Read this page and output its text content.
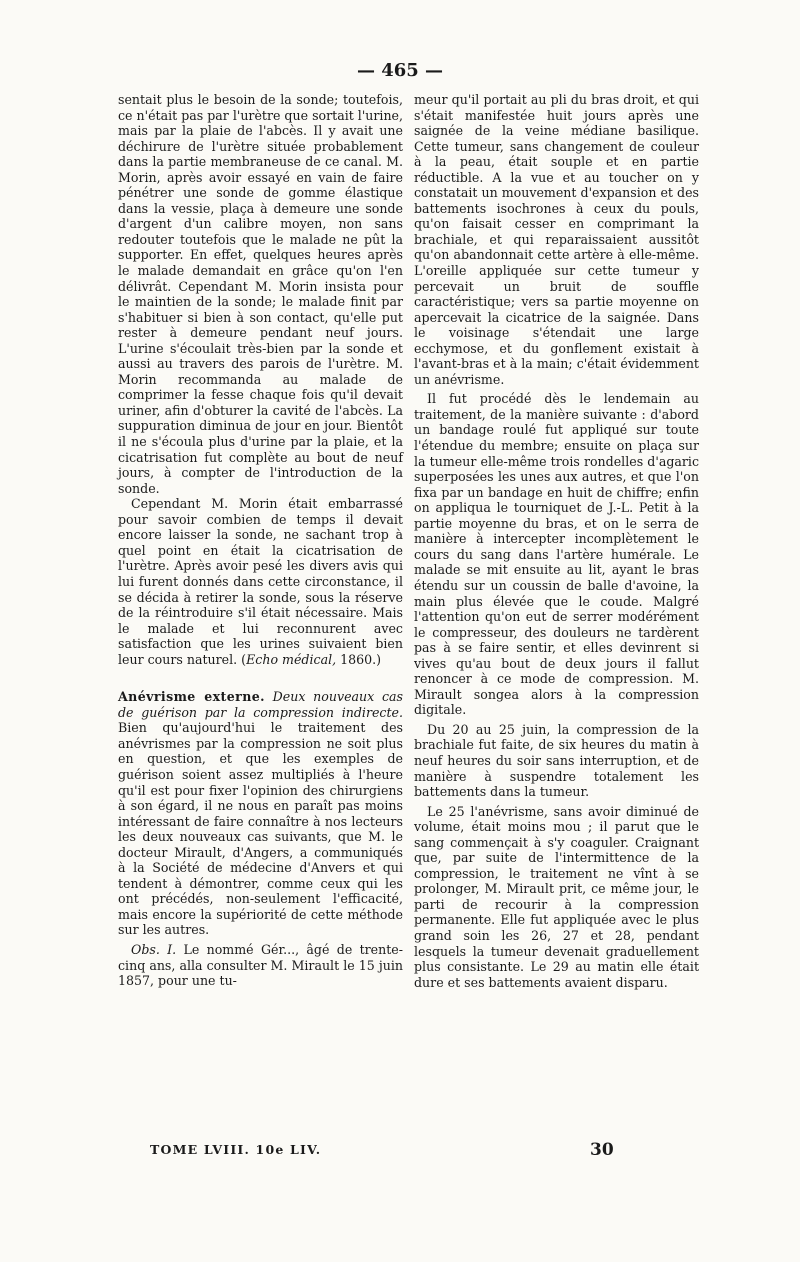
— 465 —

sentait plus le besoin de la sonde; toutefois, ce n'était pas par l'urètre que sortait l'urine, mais par la plaie de l'abcès. Il y avait une déchirure de l'urètre située probablement dans la partie membraneuse de ce canal. M. Morin, après avoir essayé en vain de faire pénétrer une sonde de gomme élastique dans la vessie, plaça à demeure une sonde d'argent d'un calibre moyen, non sans redouter toutefois que le malade ne pût la supporter. En effet, quelques heures après le malade demandait en grâce qu'on l'en délivrât. Cependant M. Morin insista pour le maintien de la sonde; le malade finit par s'habituer si bien à son contact, qu'elle put rester à demeure pendant neuf jours. L'urine s'écoulait très-bien par la sonde et aussi au travers des parois de l'urètre. M. Morin recommanda au malade de comprimer la fesse chaque fois qu'il devait uriner, afin d'obturer la cavité de l'abcès. La suppuration diminua de jour en jour. Bientôt il ne s'écoula plus d'urine par la plaie, et la cicatrisation fut complète au bout de neuf jours, à compter de l'introduction de la sonde.

Cependant M. Morin était embarrassé pour savoir combien de temps il devait encore laisser la sonde, ne sachant trop à quel point en était la cicatrisation de l'urètre. Après avoir pesé les divers avis qui lui furent donnés dans cette circonstance, il se décida à retirer la sonde, sous la réserve de la réintroduire s'il était nécessaire. Mais le malade et lui reconnurent avec satisfaction que les urines suivaient bien leur cours naturel. (Echo médical, 1860.)

Anévrisme externe. Deux nouveaux cas de guérison par la compression indirecte. Bien qu'aujourd'hui le traitement des anévrismes par la compression ne soit plus en question, et que les exemples de guérison soient assez multipliés à l'heure qu'il est pour fixer l'opinion des chirurgiens à son égard, il ne nous en paraît pas moins intéressant de faire connaître à nos lecteurs les deux nouveaux cas suivants, que M. le docteur Mirault, d'Angers, a communiqués à la Société de médecine d'Anvers et qui tendent à démontrer, comme ceux qui les ont précédés, non-seulement l'efficacité, mais encore la supériorité de cette méthode sur les autres.

Obs. I. Le nommé Gér..., âgé de trente-cinq ans, alla consulter M. Mirault le 15 juin 1857, pour une tu-

meur qu'il portait au pli du bras droit, et qui s'était manifestée huit jours après une saignée de la veine médiane basilique. Cette tumeur, sans changement de couleur à la peau, était souple et en partie réductible. A la vue et au toucher on y constatait un mouvement d'expansion et des battements isochrones à ceux du pouls, qu'on faisait cesser en comprimant la brachiale, et qui reparaissaient aussitôt qu'on abandonnait cette artère à elle-même. L'oreille appliquée sur cette tumeur y percevait un bruit de souffle caractéristique; vers sa partie moyenne on apercevait la cicatrice de la saignée. Dans le voisinage s'étendait une large ecchymose, et du gonflement existait à l'avant-bras et à la main; c'était évidemment un anévrisme.

Il fut procédé dès le lendemain au traitement, de la manière suivante : d'abord un bandage roulé fut appliqué sur toute l'étendue du membre; ensuite on plaça sur la tumeur elle-même trois rondelles d'agaric superposées les unes aux autres, et que l'on fixa par un bandage en huit de chiffre; enfin on appliqua le tourniquet de J.-L. Petit à la partie moyenne du bras, et on le serra de manière à intercepter incomplètement le cours du sang dans l'artère humérale. Le malade se mit ensuite au lit, ayant le bras étendu sur un coussin de balle d'avoine, la main plus élevée que le coude. Malgré l'attention qu'on eut de serrer modérément le compresseur, des douleurs ne tardèrent pas à se faire sentir, et elles devinrent si vives qu'au bout de deux jours il fallut renoncer à ce mode de compression. M. Mirault songea alors à la compression digitale.

Du 20 au 25 juin, la compression de la brachiale fut faite, de six heures du matin à neuf heures du soir sans interruption, et de manière à suspendre totalement les battements dans la tumeur.

Le 25 l'anévrisme, sans avoir diminué de volume, était moins mou ; il parut que le sang commençait à s'y coaguler. Craignant que, par suite de l'intermittence de la compression, le traitement ne vînt à se prolonger, M. Mirault prit, ce même jour, le parti de recourir à la compression permanente. Elle fut appliquée avec le plus grand soin les 26, 27 et 28, pendant lesquels la tumeur devenait graduellement plus consistante. Le 29 au matin elle était dure et ses battements avaient disparu.

TOME LVIII. 10e LIV.	30
